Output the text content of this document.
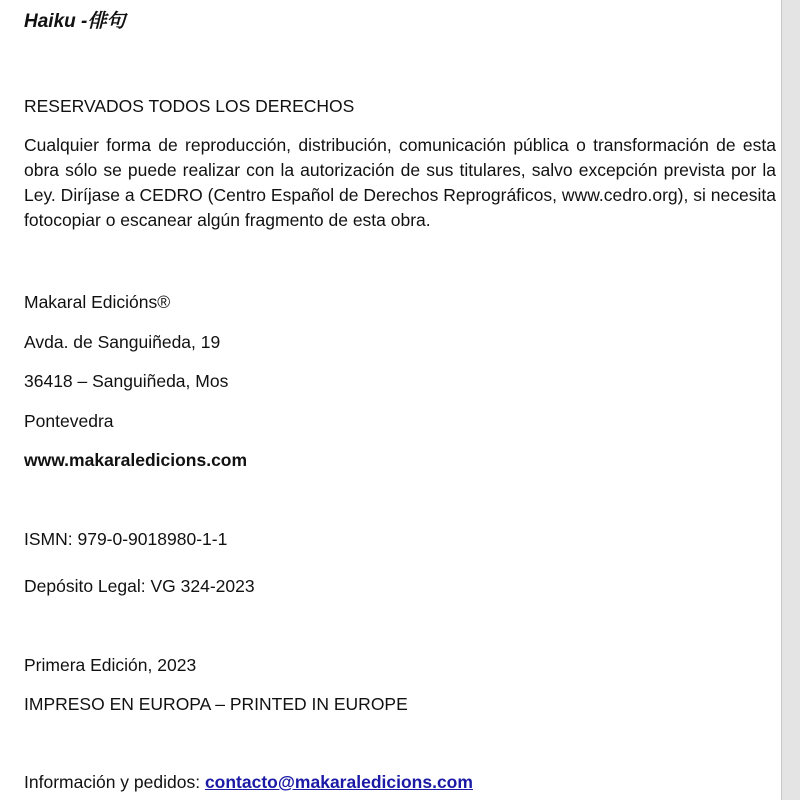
Haiku -俳句
RESERVADOS TODOS LOS DERECHOS
Cualquier forma de reproducción, distribución, comunicación pública o transformación de esta obra sólo se puede realizar con la autorización de sus titulares, salvo excepción prevista por la Ley. Diríjase a CEDRO (Centro Español de Derechos Reprográficos, www.cedro.org), si necesita fotocopiar o escanear algún fragmento de esta obra.
Makaral Edicións®
Avda. de Sanguiñeda, 19
36418 – Sanguiñeda, Mos
Pontevedra
www.makaraledicions.com
ISMN: 979-0-9018980-1-1
Depósito Legal: VG 324-2023
Primera Edición, 2023
IMPRESO EN EUROPA – PRINTED IN EUROPE
Información y pedidos: contacto@makaraledicions.com
